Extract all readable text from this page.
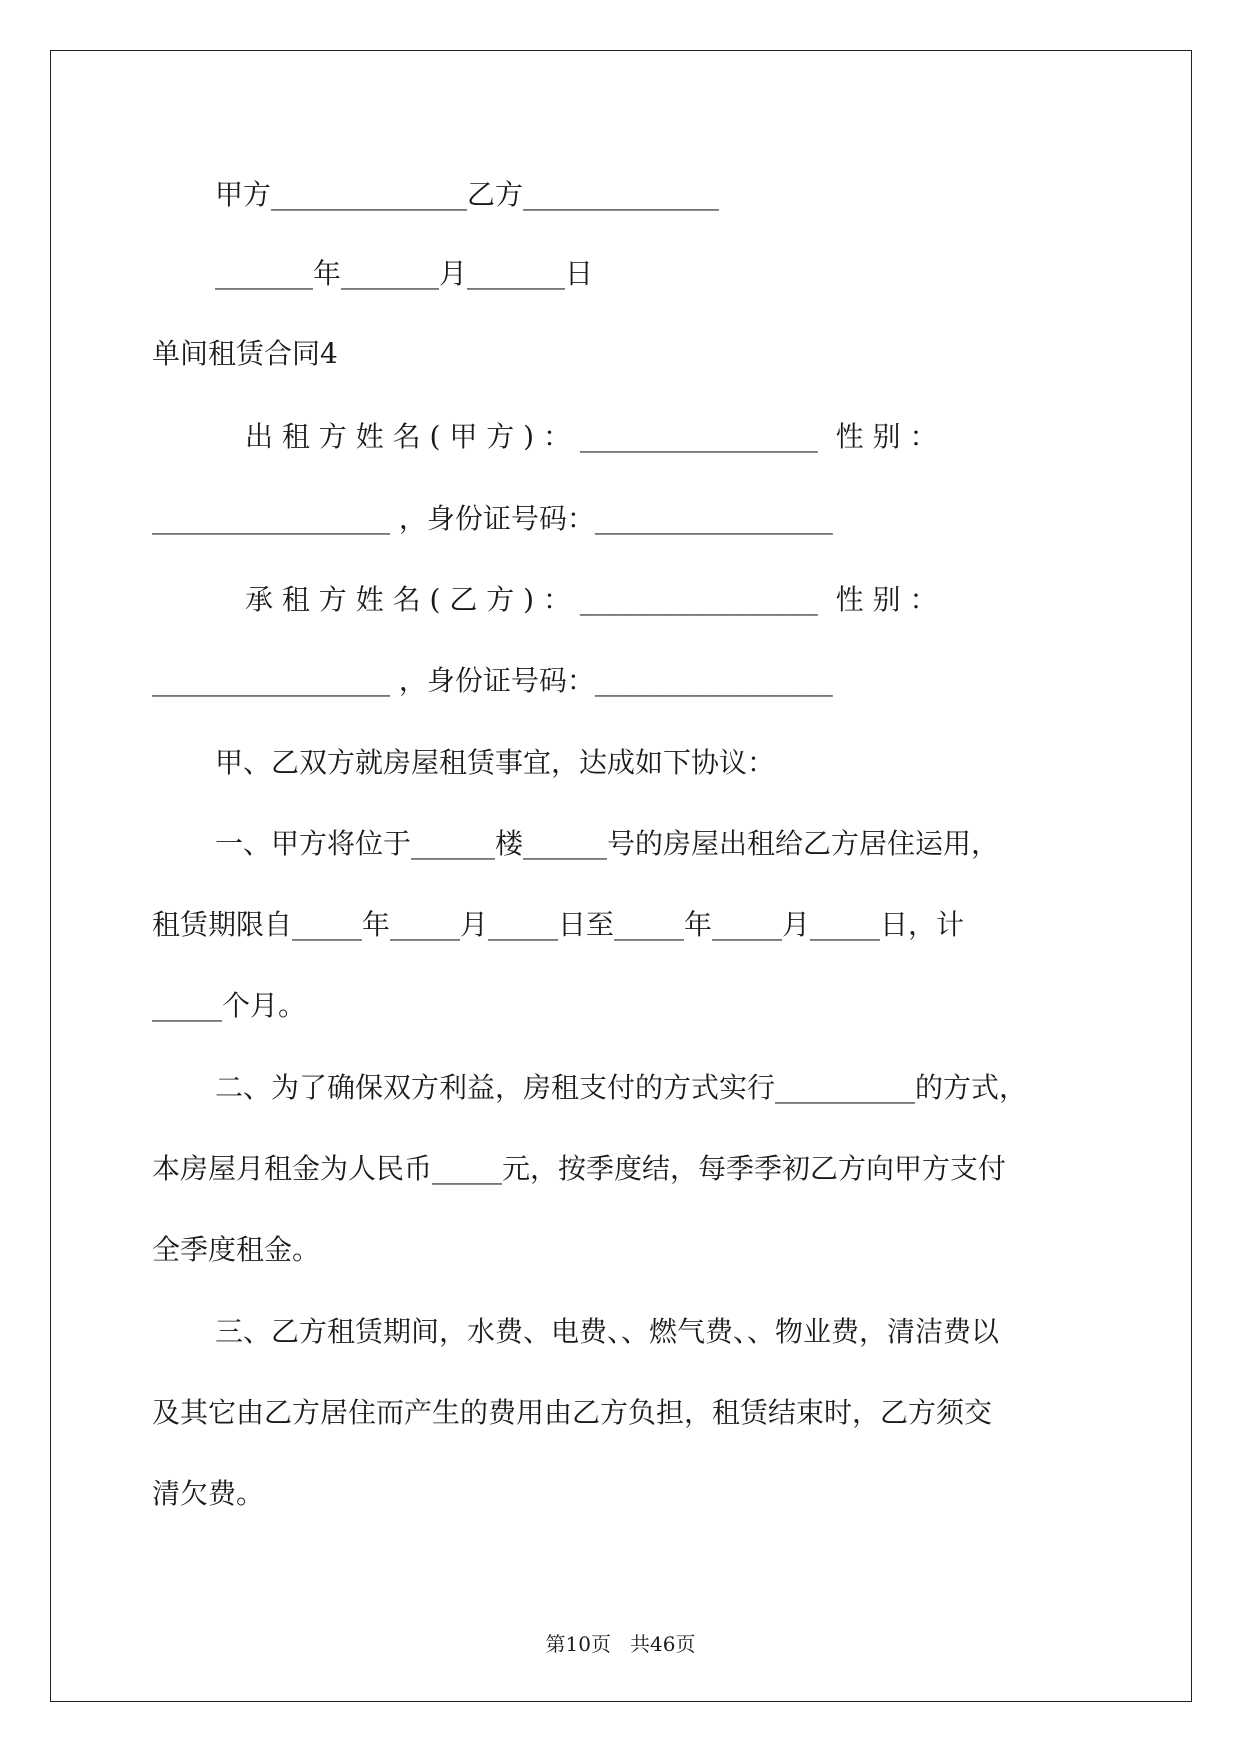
甲方______________乙方______________
_______年_______月_______日
单间租赁合同4
出 租 方 姓 名 ( 甲 方 ) ： _________________  性 别 ：
_________________ ，身份证号码：_________________
承 租 方 姓 名 ( 乙 方 ) ： _________________  性 别 ：
_________________ ，身份证号码：_________________
甲、乙双方就房屋租赁事宜，达成如下协议：
一、甲方将位于______楼______号的房屋出租给乙方居住运用，
租赁期限自_____年_____月_____日至_____年_____月_____日，计
_____个月。
二、为了确保双方利益，房租支付的方式实行__________的方式，
本房屋月租金为人民币_____元，按季度结，每季季初乙方向甲方支付
全季度租金。
三、乙方租赁期间，水费、电费、、燃气费、、物业费，清洁费以
及其它由乙方居住而产生的费用由乙方负担，租赁结束时，乙方须交
清欠费。
第10页   共46页
